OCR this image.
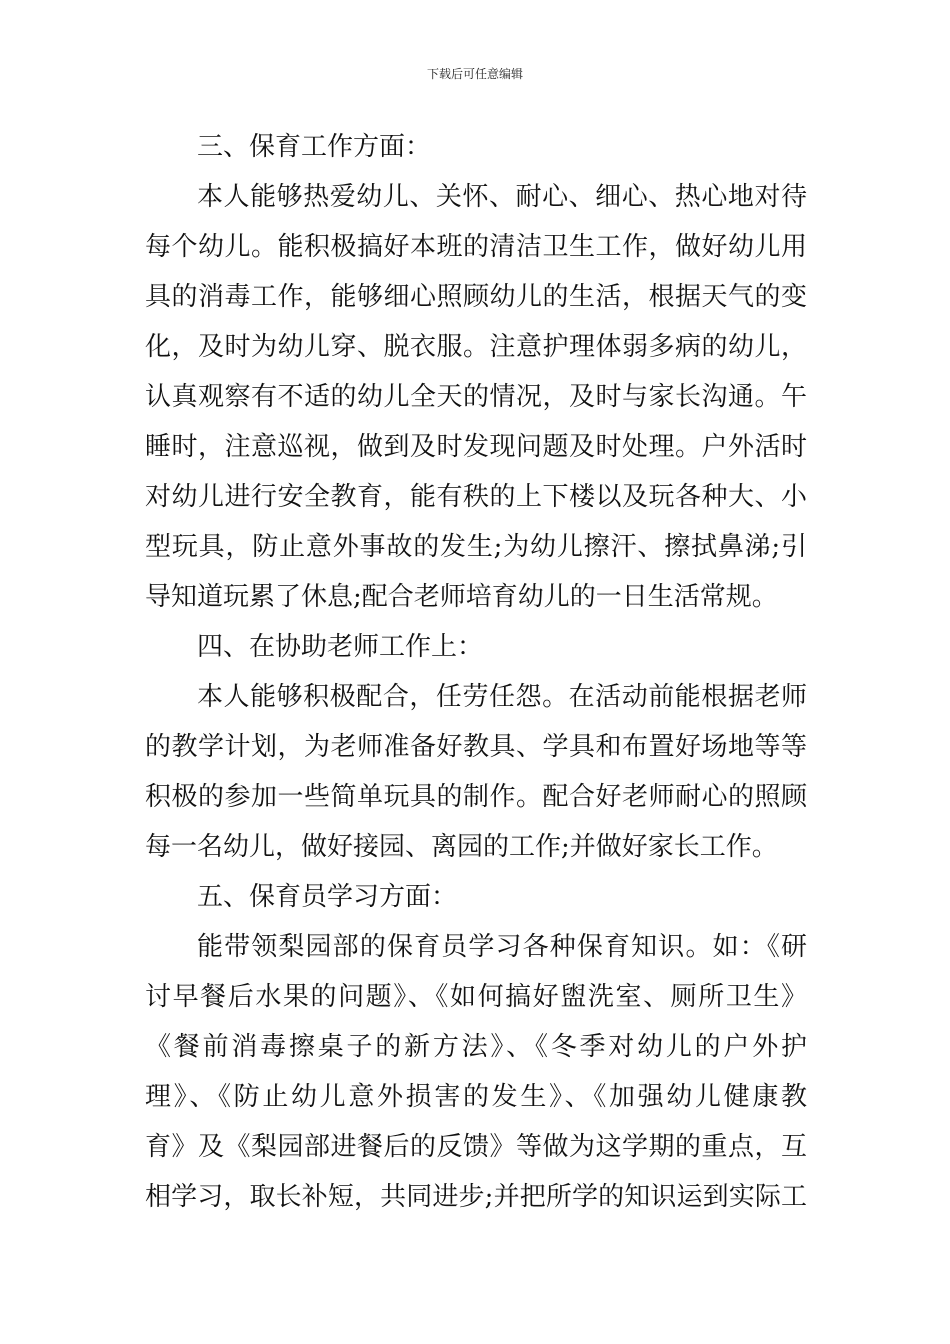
下载后可任意编辑
三、保育工作方面：
本人能够热爱幼儿、关怀、耐心、细心、热心地对待
每个幼儿。能积极搞好本班的清洁卫生工作，做好幼儿用
具的消毒工作，能够细心照顾幼儿的生活，根据天气的变
化，及时为幼儿穿、脱衣服。注意护理体弱多病的幼儿，
认真观察有不适的幼儿全天的情况，及时与家长沟通。午
睡时，注意巡视，做到及时发现问题及时处理。户外活时
对幼儿进行安全教育，能有秩的上下楼以及玩各种大、小
型玩具，防止意外事故的发生;为幼儿擦汗、擦拭鼻涕;引
导知道玩累了休息;配合老师培育幼儿的一日生活常规。
四、在协助老师工作上：
本人能够积极配合，任劳任怨。在活动前能根据老师
的教学计划，为老师准备好教具、学具和布置好场地等等
积极的参加一些简单玩具的制作。配合好老师耐心的照顾
每一名幼儿，做好接园、离园的工作;并做好家长工作。
五、保育员学习方面：
能带领梨园部的保育员学习各种保育知识。如：《研
讨早餐后水果的问题》、《如何搞好盥洗室、厕所卫生》
《餐前消毒擦桌子的新方法》、《冬季对幼儿的户外护
理》、《防止幼儿意外损害的发生》、《加强幼儿健康教
育》及《梨园部进餐后的反馈》等做为这学期的重点，互
相学习，取长补短，共同进步;并把所学的知识运到实际工
